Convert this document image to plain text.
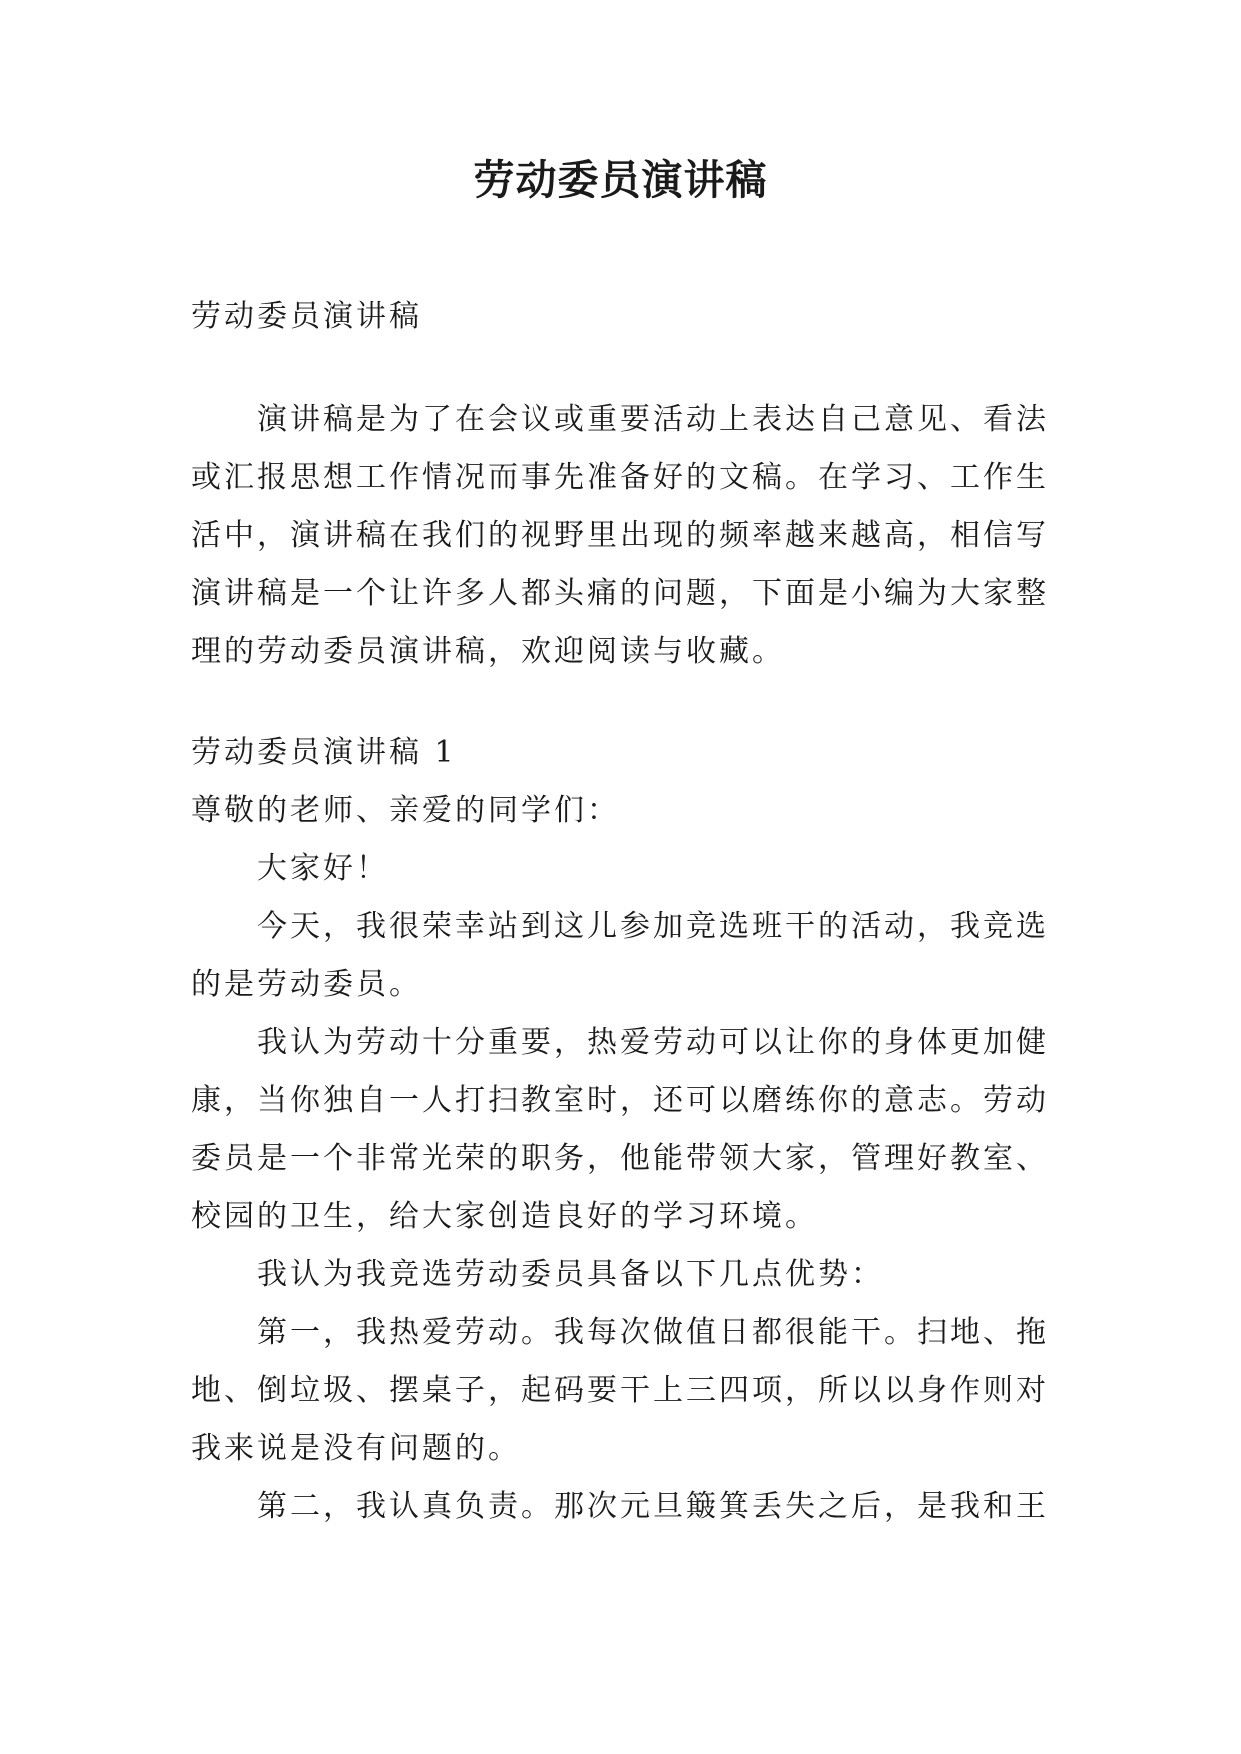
劳动委员演讲稿

劳动委员演讲稿

演讲稿是为了在会议或重要活动上表达自己意见、看法或汇报思想工作情况而事先准备好的文稿。在学习、工作生活中，演讲稿在我们的视野里出现的频率越来越高，相信写演讲稿是一个让许多人都头痛的问题，下面是小编为大家整理的劳动委员演讲稿，欢迎阅读与收藏。

劳动委员演讲稿 1

尊敬的老师、亲爱的同学们：

大家好！

今天，我很荣幸站到这儿参加竞选班干的活动，我竞选的是劳动委员。

我认为劳动十分重要，热爱劳动可以让你的身体更加健康，当你独自一人打扫教室时，还可以磨练你的意志。劳动委员是一个非常光荣的职务，他能带领大家，管理好教室、校园的卫生，给大家创造良好的学习环境。

我认为我竞选劳动委员具备以下几点优势：

第一，我热爱劳动。我每次做值日都很能干。扫地、拖地、倒垃圾、摆桌子，起码要干上三四项，所以以身作则对我来说是没有问题的。

第二，我认真负责。那次元旦簸箕丢失之后，是我和王
